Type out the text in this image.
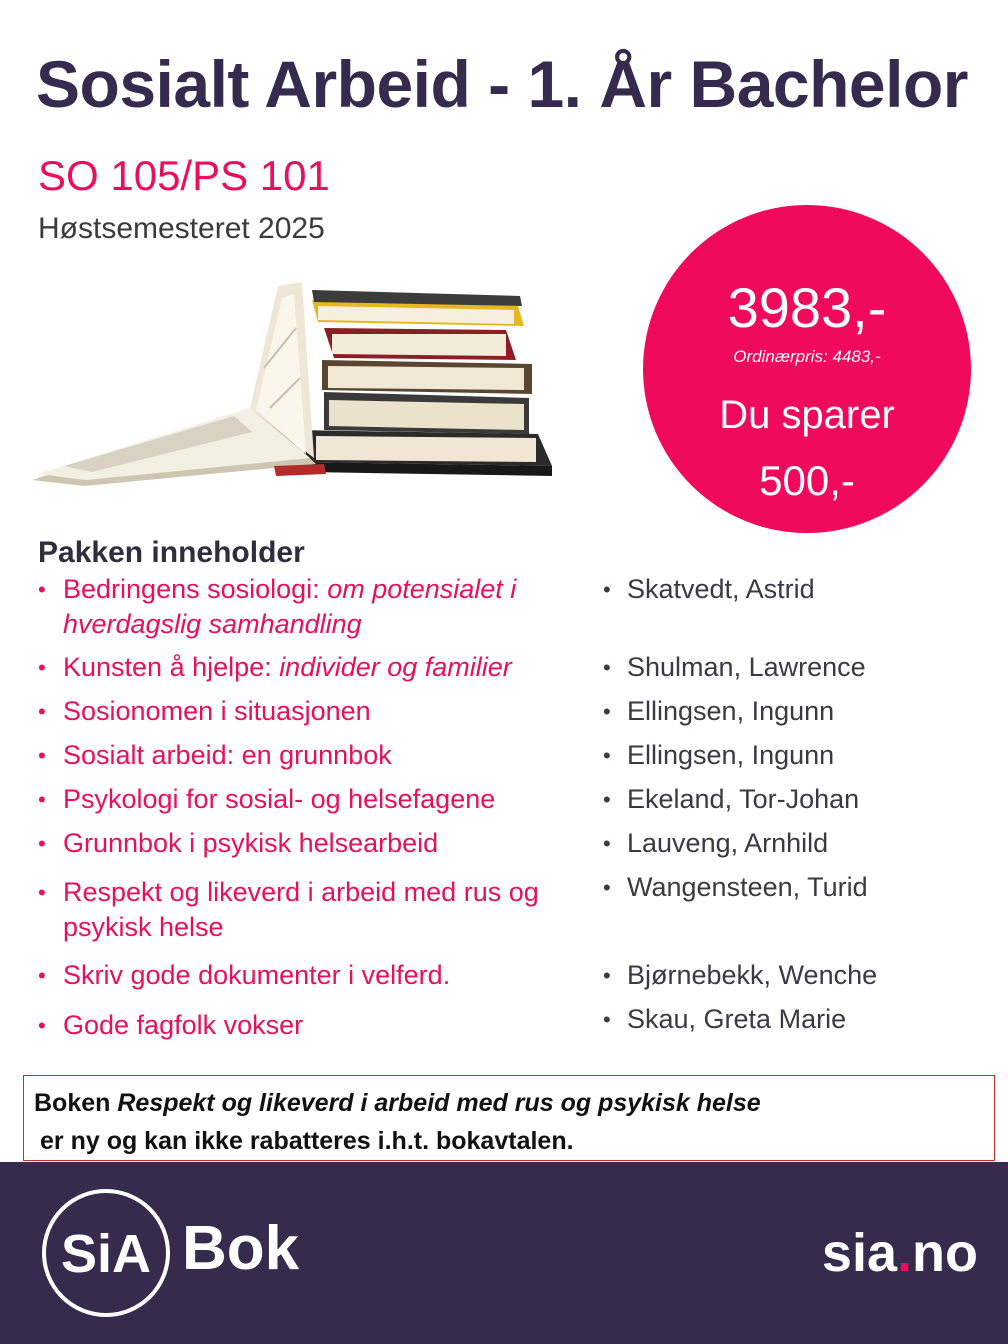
Sosialt Arbeid - 1. År Bachelor
SO 105/PS 101
Høstsemesteret 2025
3983,-
Ordinærpris: 4483,-
Du sparer
500,-
Pakken inneholder
• Bedringens sosiologi: om potensialet i hverdagslig samhandling
• Kunsten å hjelpe: individer og familier
• Sosionomen i situasjonen
• Sosialt arbeid: en grunnbok
• Psykologi for sosial- og helsefagene
• Grunnbok i psykisk helsearbeid
• Respekt og likeverd i arbeid med rus og psykisk helse
• Skriv gode dokumenter i velferd.
• Gode fagfolk vokser
• Skatvedt, Astrid
• Shulman, Lawrence
• Ellingsen, Ingunn
• Ellingsen, Ingunn
• Ekeland, Tor-Johan
• Lauveng, Arnhild
• Wangensteen, Turid
• Bjørnebekk, Wenche
• Skau, Greta Marie
Boken Respekt og likeverd i arbeid med rus og psykisk helse
er ny og kan ikke rabatteres i.h.t. bokavtalen.
SiA Bok	sia.no
